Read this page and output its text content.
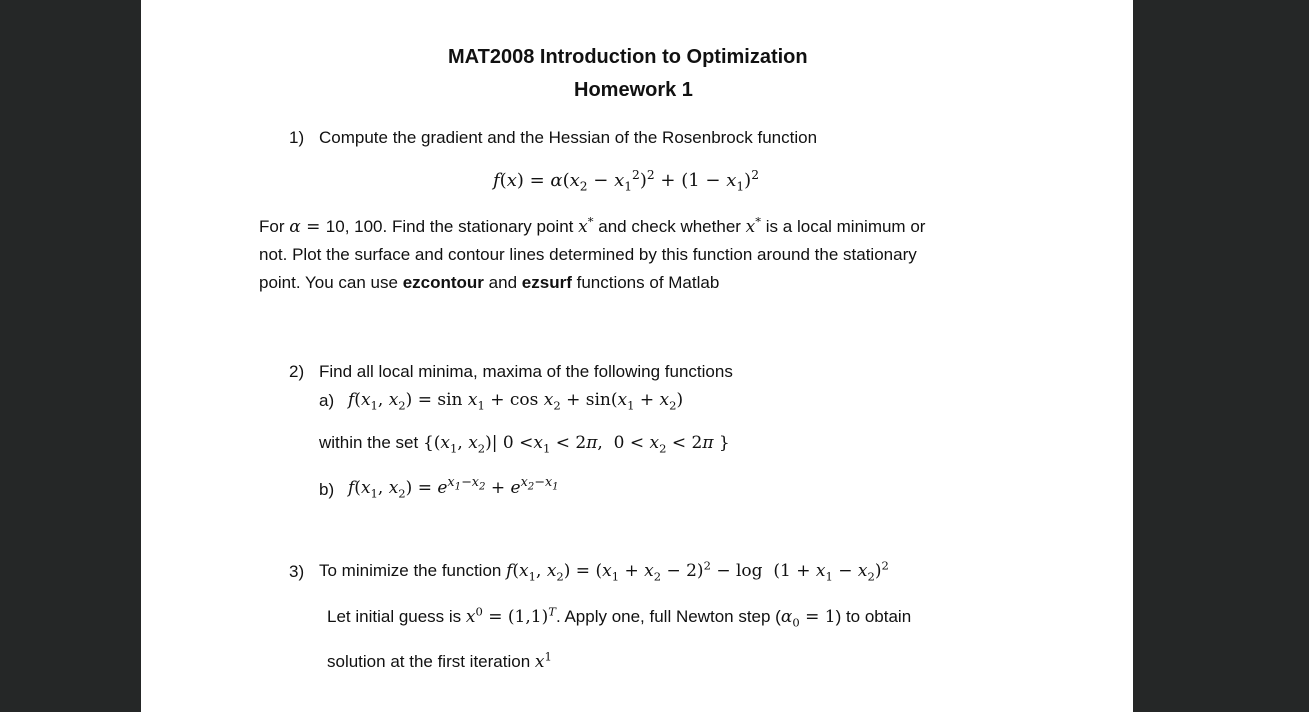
MAT2008 Introduction to Optimization
Homework 1
1) Compute the gradient and the Hessian of the Rosenbrock function
$f(x) = \alpha(x_2 - x_1^2)^2 + (1 - x_1)^2$
For α = 10, 100. Find the stationary point x* and check whether x* is a local minimum or
not. Plot the surface and contour lines determined by this function around the stationary
point. You can use ezcontour and ezsurf functions of Matlab
2) Find all local minima, maxima of the following functions
a) $f(x_1$, $x_2) = \sin x_1 + \cos x_2 + \sin(x_1 + x_2)$
within the set {($x_1$, $x_2)|$ $0 <x_1 < 2\pi$,  $0 < x_2 < 2\pi$ }
b) $f(x_1$, $x_2) = e^{x_1-x_2} + e^{x_2-x_1}$
3) To minimize the function $f(x_1$, $x_2) = (x_1 + x_2 - 2)^2 - \log (1 + x_1 - x_2)^2$
Let initial guess is $x^0 = (1,1)^T$. Apply one, full Newton step $(\alpha_0 = 1)$ to obtain
solution at the first iteration $x^1$
